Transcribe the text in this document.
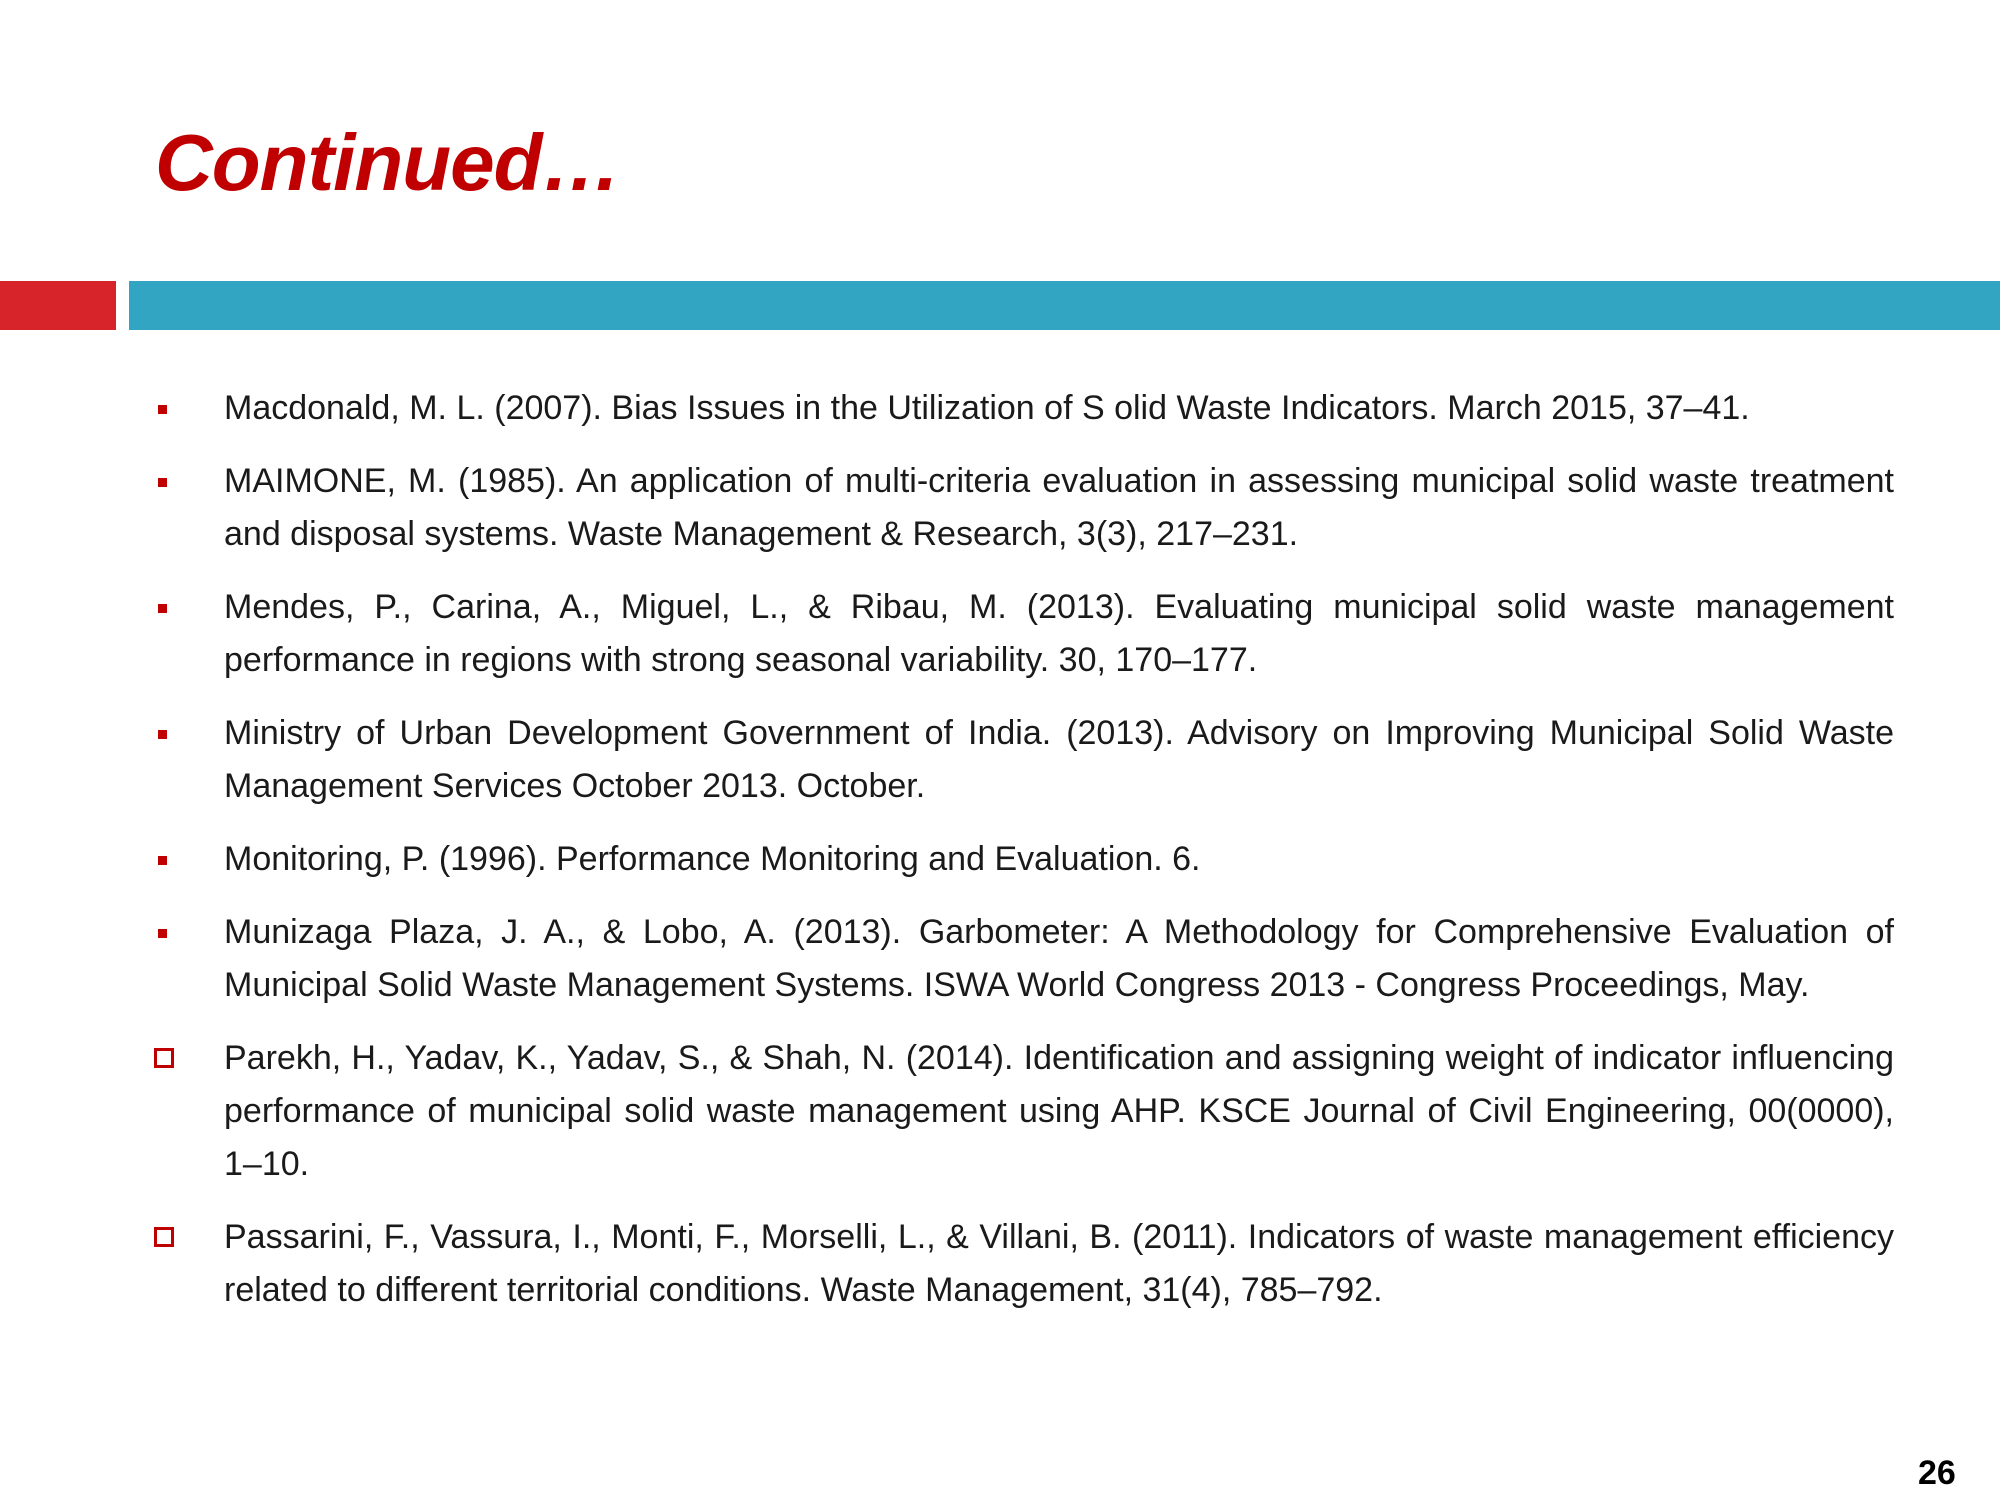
Continued…
Macdonald, M. L. (2007). Bias Issues in the Utilization of S olid Waste Indicators. March 2015, 37–41.
MAIMONE, M. (1985). An application of multi-criteria evaluation in assessing municipal solid waste treatment and disposal systems. Waste Management & Research, 3(3), 217–231.
Mendes, P., Carina, A., Miguel, L., & Ribau, M. (2013). Evaluating municipal solid waste management performance in regions with strong seasonal variability. 30, 170–177.
Ministry of Urban Development Government of India. (2013). Advisory on Improving Municipal Solid Waste Management Services October 2013. October.
Monitoring, P. (1996). Performance Monitoring and Evaluation. 6.
Munizaga Plaza, J. A., & Lobo, A. (2013). Garbometer: A Methodology for Comprehensive Evaluation of Municipal Solid Waste Management Systems. ISWA World Congress 2013 - Congress Proceedings, May.
Parekh, H., Yadav, K., Yadav, S., & Shah, N. (2014). Identification and assigning weight of indicator influencing performance of municipal solid waste management using AHP. KSCE Journal of Civil Engineering, 00(0000), 1–10.
Passarini, F., Vassura, I., Monti, F., Morselli, L., & Villani, B. (2011). Indicators of waste management efficiency related to different territorial conditions. Waste Management, 31(4), 785–792.
26
